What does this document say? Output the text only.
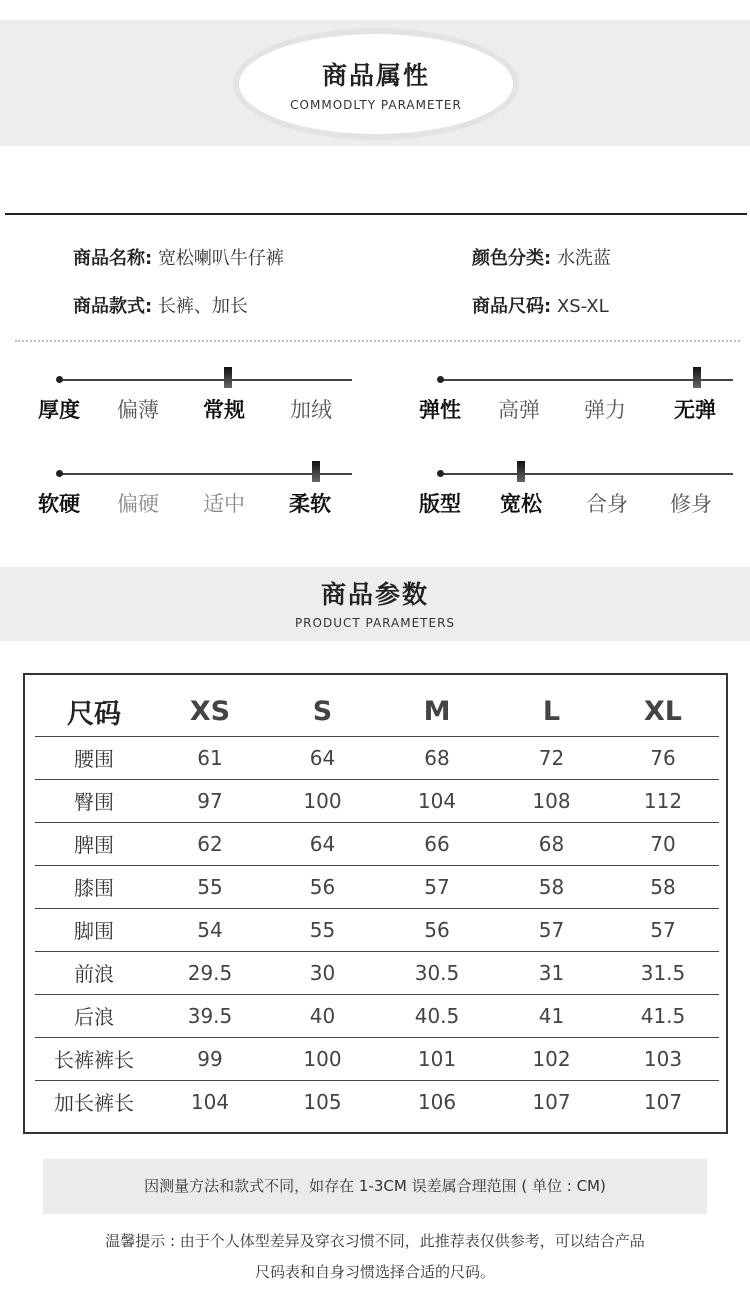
商品属性
COMMODLTY PARAMETER
商品名称: 宽松喇叭牛仔裤	颜色分类: 水洗蓝
商品款式: 长裤、加长	商品尺码: XS-XL
厚度 偏薄 常规 加绒	弹性 高弹 弹力 无弹
软硬 偏硬 适中 柔软	版型 宽松 合身 修身
商品参数
PRODUCT PARAMETERS
尺码	XS	S	M	L	XL
腰围	61	64	68	72	76
臀围	97	100	104	108	112
脾围	62	64	66	68	70
膝围	55	56	57	58	58
脚围	54	55	56	57	57
前浪	29.5	30	30.5	31	31.5
后浪	39.5	40	40.5	41	41.5
长裤裤长	99	100	101	102	103
加长裤长	104	105	106	107	107
因测量方法和款式不同，如存在 1-3CM 误差属合理范围 ( 单位 : CM)
温馨提示 : 由于个人体型差异及穿衣习惯不同，此推荐表仅供参考，可以结合产品
尺码表和自身习惯选择合适的尺码。
